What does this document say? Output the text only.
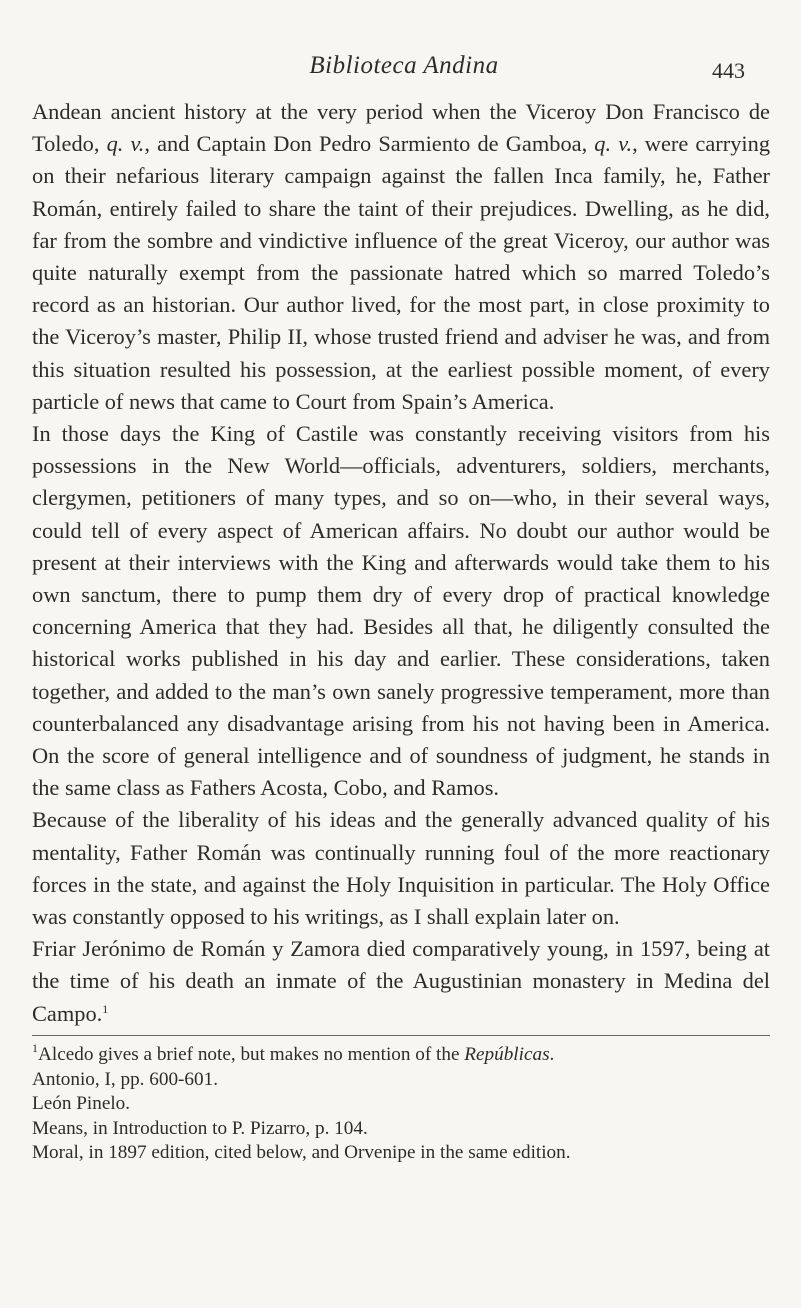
Biblioteca Andina	443

Andean ancient history at the very period when the Viceroy Don Francisco de Toledo, q. v., and Captain Don Pedro Sarmiento de Gamboa, q. v., were carrying on their nefarious literary campaign against the fallen Inca family, he, Father Román, entirely failed to share the taint of their prejudices. Dwelling, as he did, far from the sombre and vindictive influence of the great Viceroy, our author was quite naturally exempt from the passionate hatred which so marred Toledo’s record as an historian. Our author lived, for the most part, in close proximity to the Viceroy’s master, Philip II, whose trusted friend and adviser he was, and from this situation resulted his possession, at the earliest possible moment, of every particle of news that came to Court from Spain’s America.

In those days the King of Castile was constantly receiving visitors from his possessions in the New World—officials, adventurers, soldiers, merchants, clergymen, petitioners of many types, and so on—who, in their several ways, could tell of every aspect of American affairs. No doubt our author would be present at their interviews with the King and afterwards would take them to his own sanctum, there to pump them dry of every drop of practical knowledge concerning America that they had. Besides all that, he diligently consulted the historical works published in his day and earlier. These considerations, taken together, and added to the man’s own sanely progressive temperament, more than counterbalanced any disadvantage arising from his not having been in America. On the score of general intelligence and of soundness of judgment, he stands in the same class as Fathers Acosta, Cobo, and Ramos.

Because of the liberality of his ideas and the generally advanced quality of his mentality, Father Román was continually running foul of the more reactionary forces in the state, and against the Holy Inquisition in particular. The Holy Office was constantly opposed to his writings, as I shall explain later on.

Friar Jerónimo de Román y Zamora died comparatively young, in 1597, being at the time of his death an inmate of the Augustinian monastery in Medina del Campo.$^1$

$^1$Alcedo gives a brief note, but makes no mention of the Repúblicas.
Antonio, I, pp. 600-601.
León Pinelo.
Means, in Introduction to P. Pizarro, p. 104.
Moral, in 1897 edition, cited below, and Orvenipe in the same edition.
